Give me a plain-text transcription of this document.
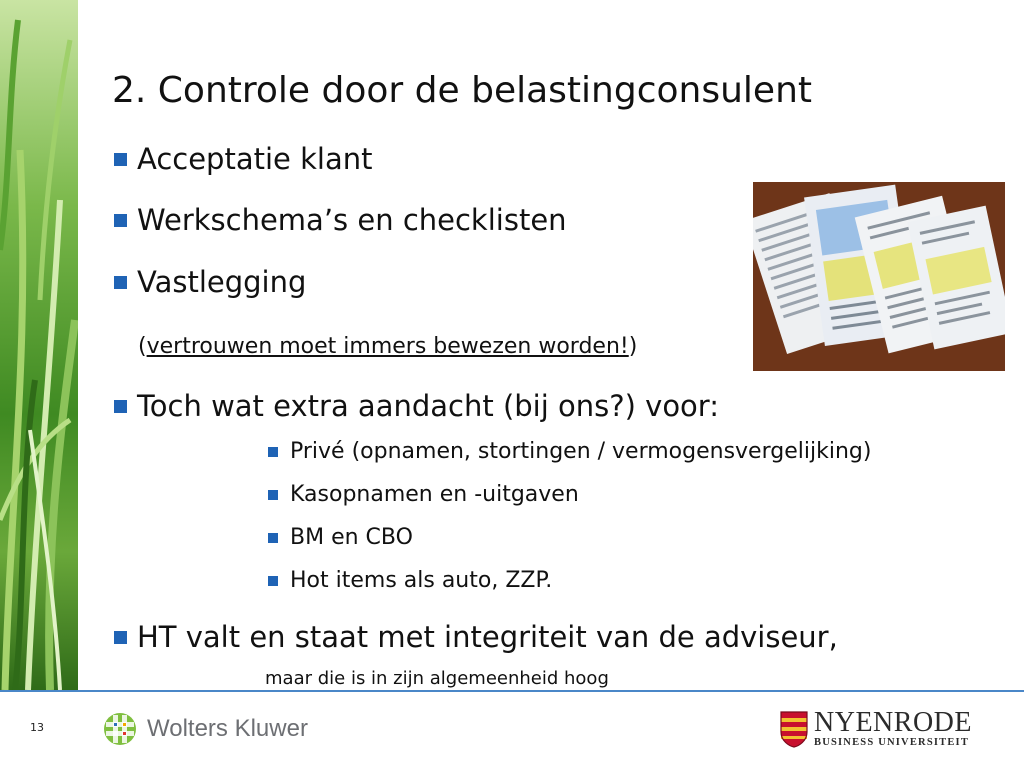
2. Controle door de belastingconsulent
Acceptatie klant
Werkschema’s en checklisten
Vastlegging
(vertrouwen moet immers bewezen worden!)
Toch wat extra aandacht (bij ons?) voor:
Privé (opnamen, stortingen / vermogensvergelijking)
Kasopnamen en -uitgaven
BM en CBO
Hot items als auto, ZZP.
HT valt en staat met integriteit van de adviseur,
maar die is in zijn algemeenheid hoog
13	Wolters Kluwer	NYENRODE
BUSINESS UNIVERSITEIT
